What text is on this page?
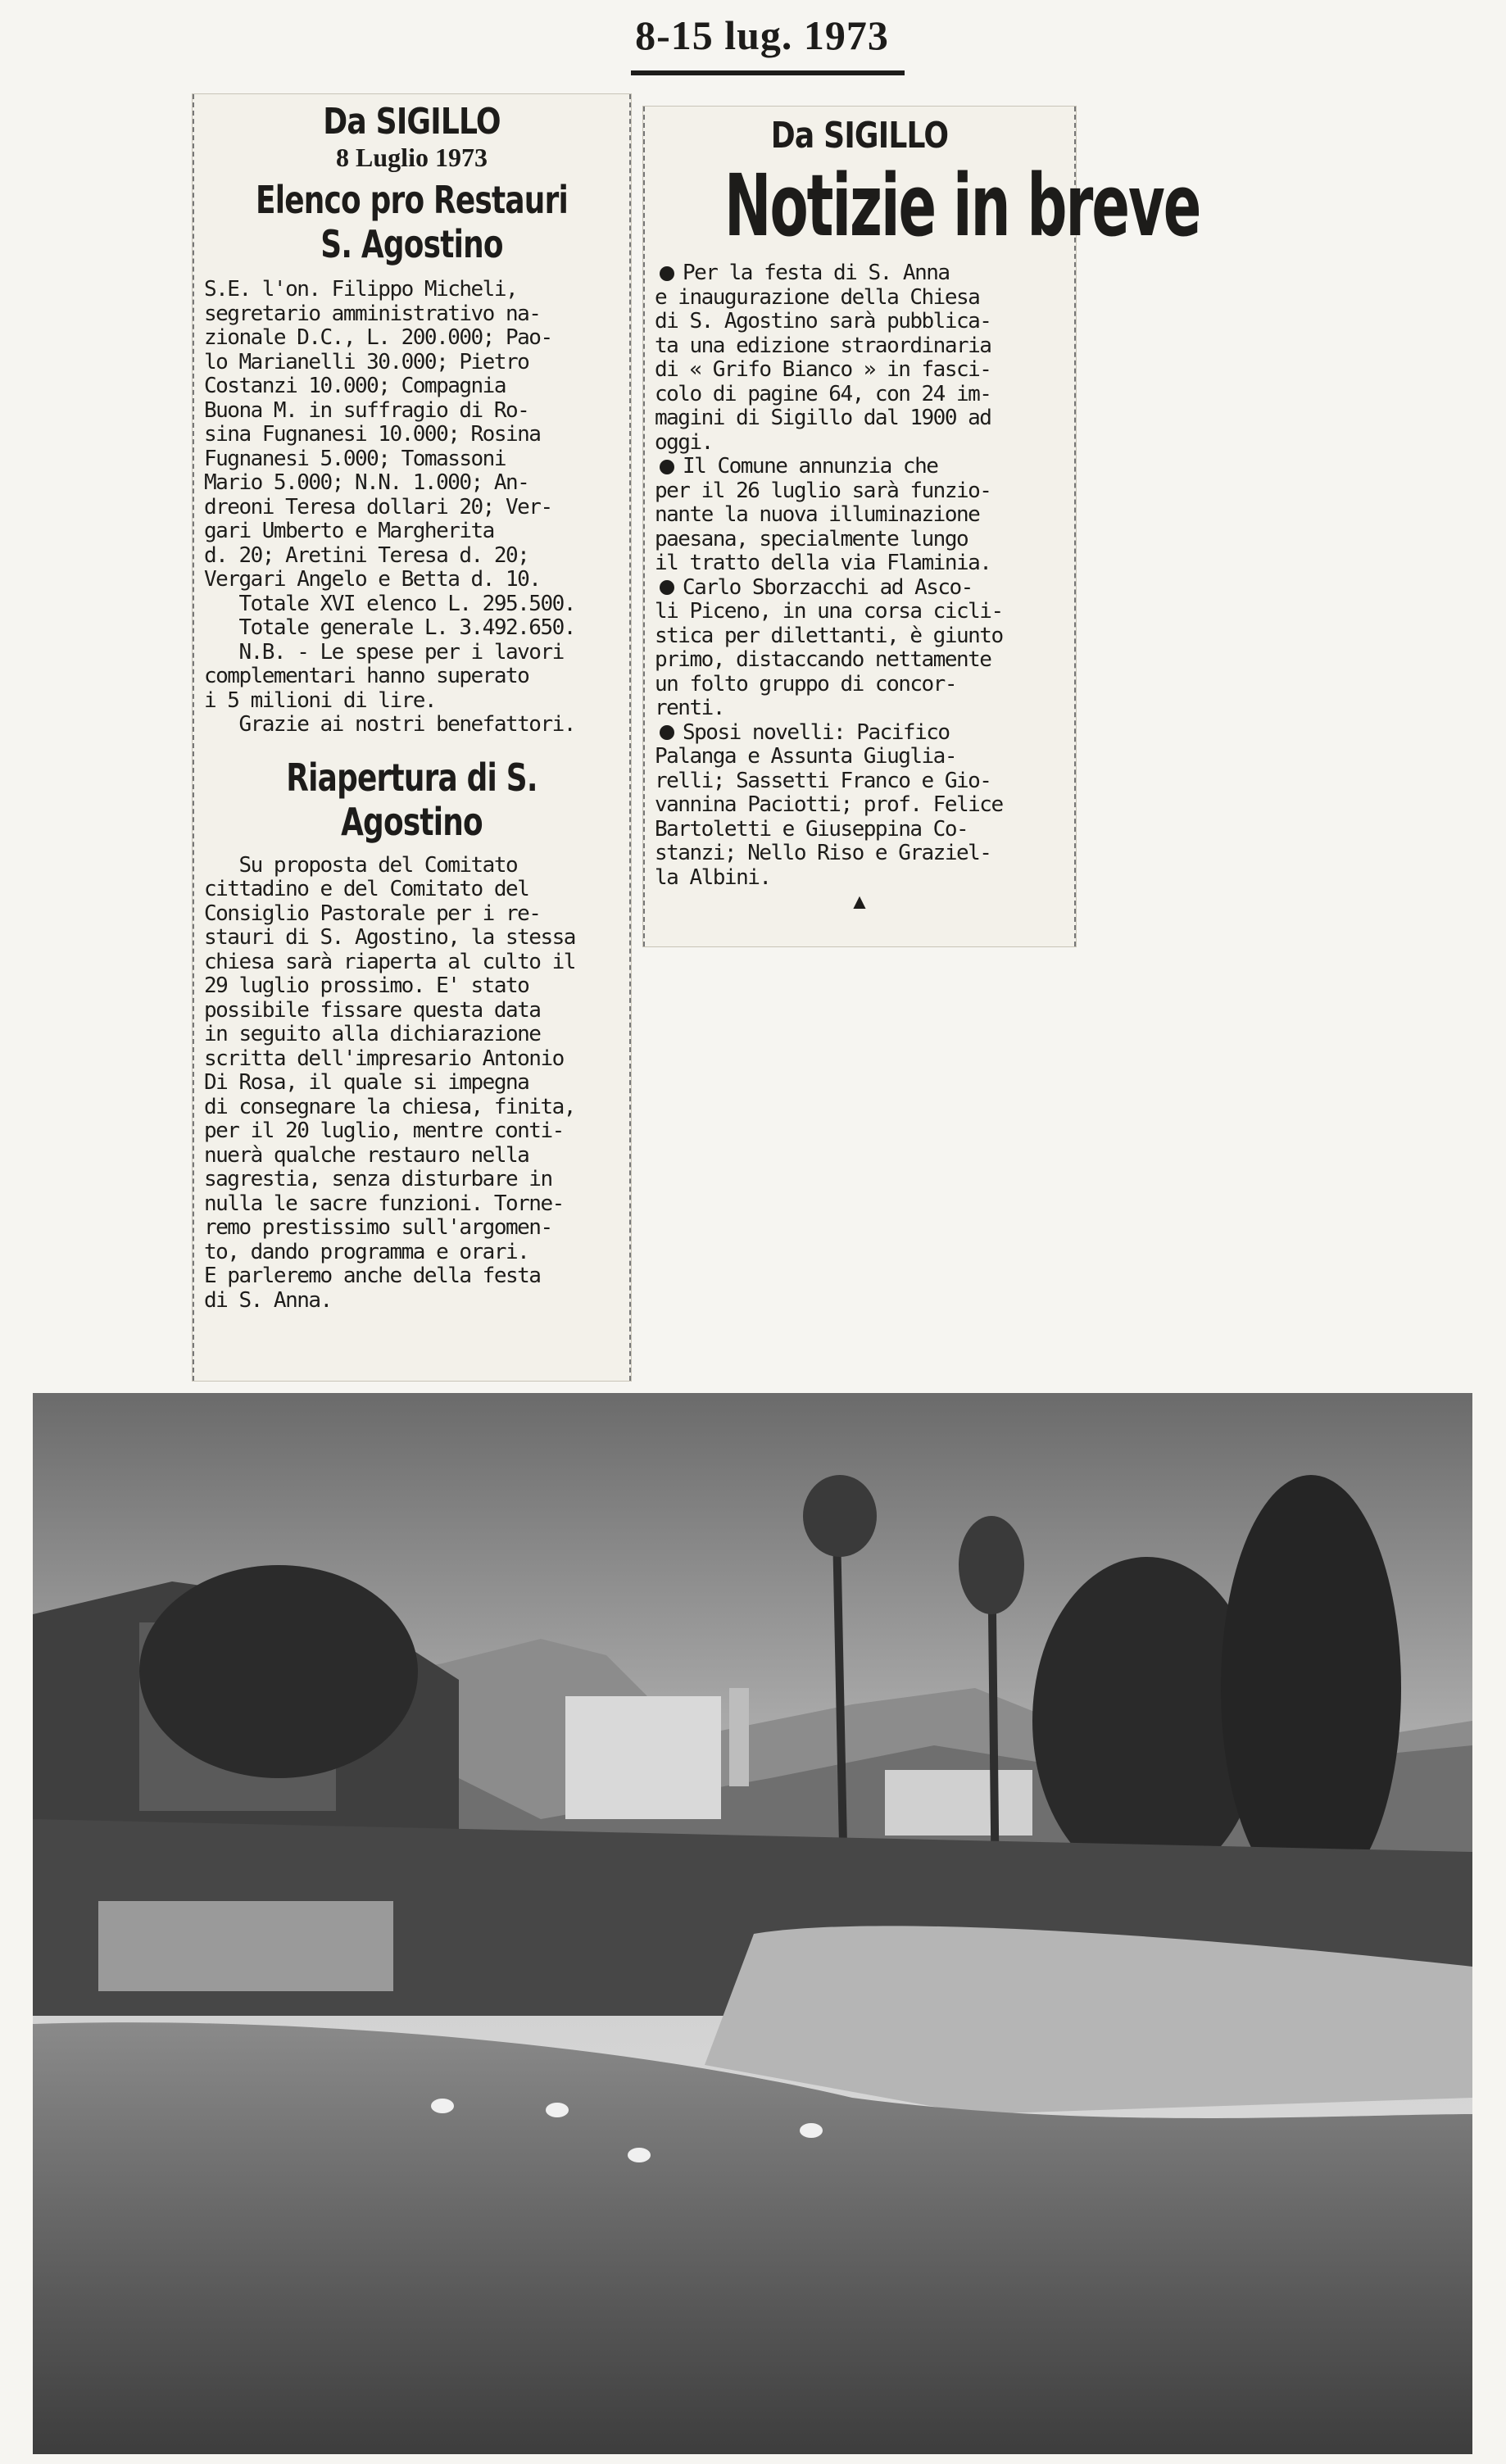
8-15 lug. 1973
Da SIGILLO
8 Luglio 1973
Elenco pro Restauri
S. Agostino
S.E. l'on. Filippo Micheli,
segretario amministrativo na-
zionale D.C., L. 200.000; Pao-
lo Marianelli 30.000; Pietro
Costanzi 10.000; Compagnia
Buona M. in suffragio di Ro-
sina Fugnanesi 10.000; Rosina
Fugnanesi 5.000; Tomassoni
Mario 5.000; N.N. 1.000; An-
dreoni Teresa dollari 20; Ver-
gari Umberto e Margherita
d. 20; Aretini Teresa d. 20;
Vergari Angelo e Betta d. 10.
Totale XVI elenco L. 295.500.
Totale generale L. 3.492.650.
N.B. - Le spese per i lavori
complementari hanno superato
i 5 milioni di lire.
Grazie ai nostri benefattori.
Riapertura di S. Agostino
Su proposta del Comitato
cittadino e del Comitato del
Consiglio Pastorale per i re-
stauri di S. Agostino, la stessa
chiesa sarà riaperta al culto il
29 luglio prossimo. E' stato
possibile fissare questa data
in seguito alla dichiarazione
scritta dell'impresario Antonio
Di Rosa, il quale si impegna
di consegnare la chiesa, finita,
per il 20 luglio, mentre conti-
nuerà qualche restauro nella
sagrestia, senza disturbare in
nulla le sacre funzioni. Torne-
remo prestissimo sull'argomen-
to, dando programma e orari.
E parleremo anche della festa
di S. Anna.
Da SIGILLO
Notizie in breve
Per la festa di S. Anna
e inaugurazione della Chiesa
di S. Agostino sarà pubblica-
ta una edizione straordinaria
di « Grifo Bianco » in fasci-
colo di pagine 64, con 24 im-
magini di Sigillo dal 1900 ad
oggi.
Il Comune annunzia che
per il 26 luglio sarà funzio-
nante la nuova illuminazione
paesana, specialmente lungo
il tratto della via Flaminia.
Carlo Sborzacchi ad Asco-
li Piceno, in una corsa cicli-
stica per dilettanti, è giunto
primo, distaccando nettamente
un folto gruppo di concor-
renti.
Sposi novelli: Pacifico
Palanga e Assunta Giuglia-
relli; Sassetti Franco e Gio-
vannina Paciotti; prof. Felice
Bartoletti e Giuseppina Co-
stanzi; Nello Riso e Graziel-
la Albini.
▲
